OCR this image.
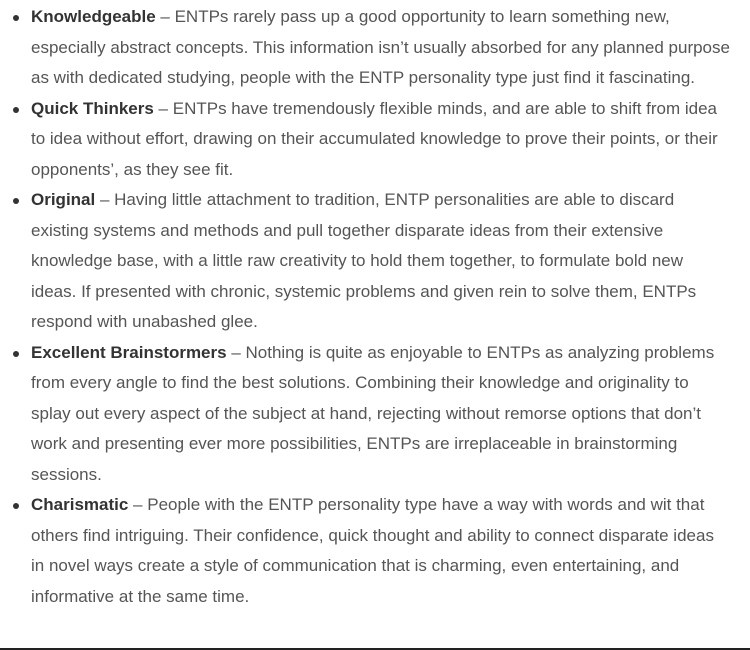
Knowledgeable – ENTPs rarely pass up a good opportunity to learn something new, especially abstract concepts. This information isn’t usually absorbed for any planned purpose as with dedicated studying, people with the ENTP personality type just find it fascinating.
Quick Thinkers – ENTPs have tremendously flexible minds, and are able to shift from idea to idea without effort, drawing on their accumulated knowledge to prove their points, or their opponents’, as they see fit.
Original – Having little attachment to tradition, ENTP personalities are able to discard existing systems and methods and pull together disparate ideas from their extensive knowledge base, with a little raw creativity to hold them together, to formulate bold new ideas. If presented with chronic, systemic problems and given rein to solve them, ENTPs respond with unabashed glee.
Excellent Brainstormers – Nothing is quite as enjoyable to ENTPs as analyzing problems from every angle to find the best solutions. Combining their knowledge and originality to splay out every aspect of the subject at hand, rejecting without remorse options that don’t work and presenting ever more possibilities, ENTPs are irreplaceable in brainstorming sessions.
Charismatic – People with the ENTP personality type have a way with words and wit that others find intriguing. Their confidence, quick thought and ability to connect disparate ideas in novel ways create a style of communication that is charming, even entertaining, and informative at the same time.
